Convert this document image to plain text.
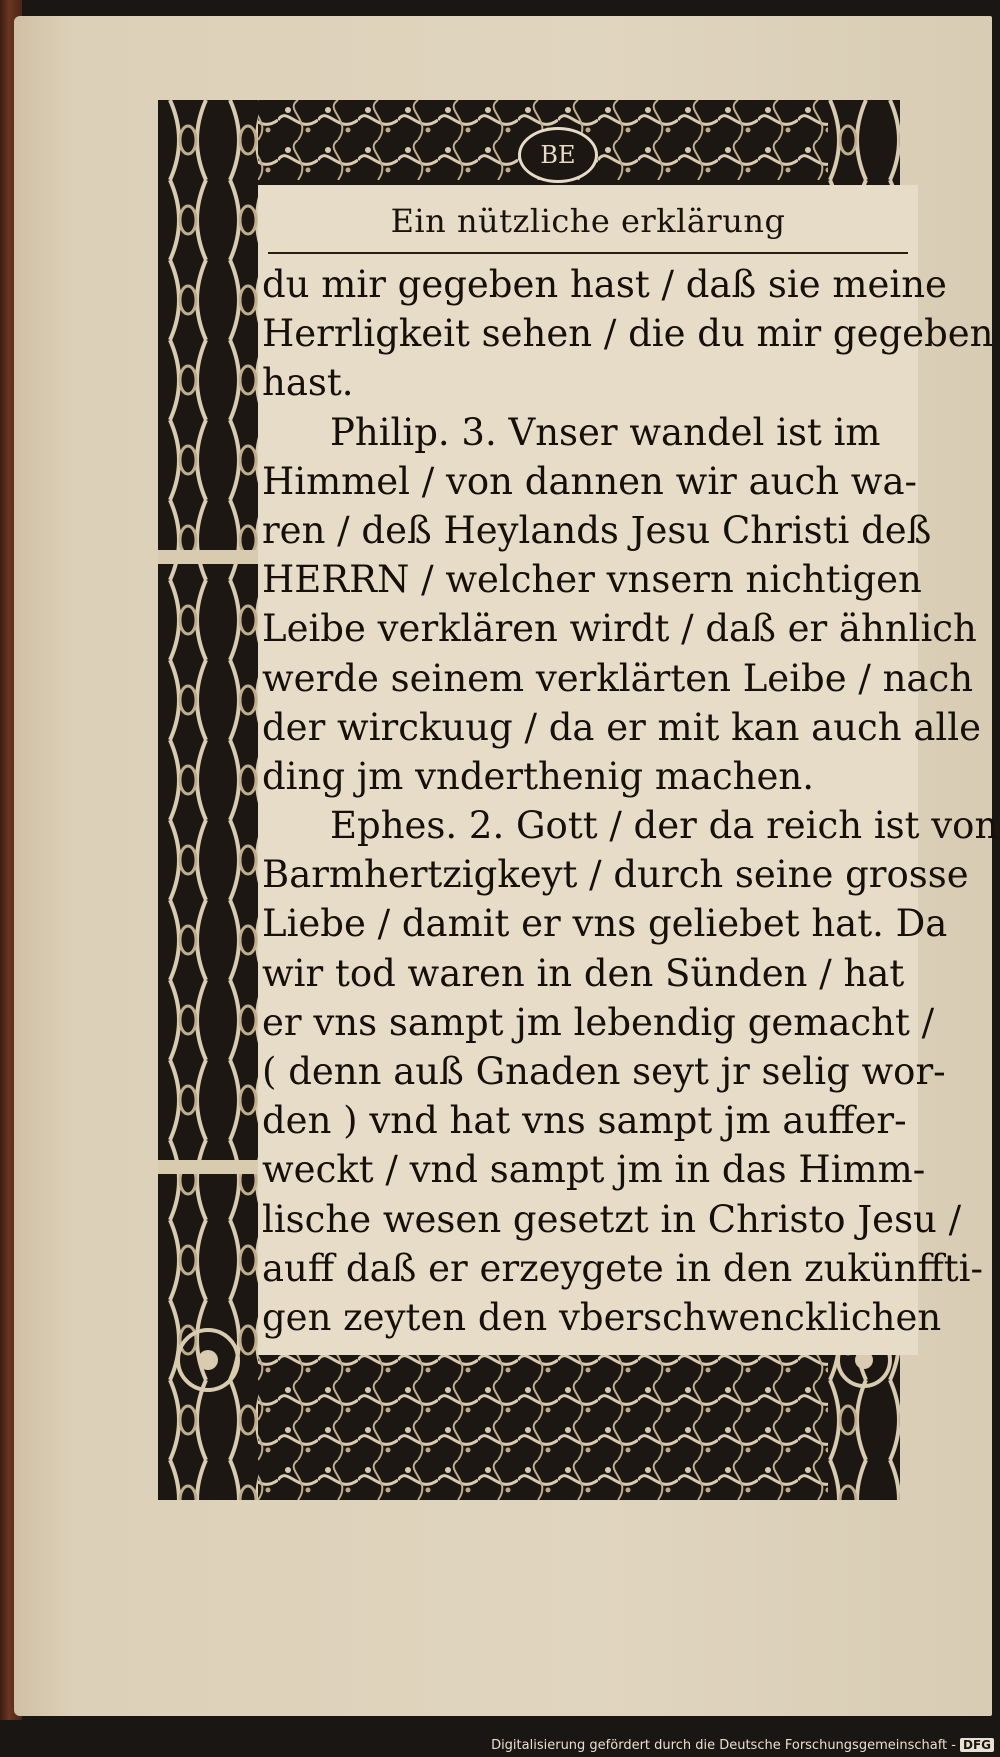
BE
Ein nützliche erklärung
du mir gegeben hast / daß sie meine
Herrligkeit sehen / die du mir gegeben
hast.
Philip. 3. Vnser wandel ist im
Himmel / von dannen wir auch wa-
ren / deß Heylands Jesu Christi deß
HERRN / welcher vnsern nichtigen
Leibe verklären wirdt / daß er ähnlich
werde seinem verklärten Leibe / nach
der wirckuug / da er mit kan auch alle
ding jm vnderthenig machen.
Ephes. 2. Gott / der da reich ist von
Barmhertzigkeyt / durch seine grosse
Liebe / damit er vns geliebet hat. Da
wir tod waren in den Sünden / hat
er vns sampt jm lebendig gemacht /
( denn auß Gnaden seyt jr selig wor-
den ) vnd hat vns sampt jm auffer-
weckt / vnd sampt jm in das Himm-
lische wesen gesetzt in Christo Jesu /
auff daß er erzeygete in den zukünffti-
gen zeyten den vberschwencklichen
Digitalisierung gefördert durch die Deutsche Forschungsgemeinschaft - DFG
